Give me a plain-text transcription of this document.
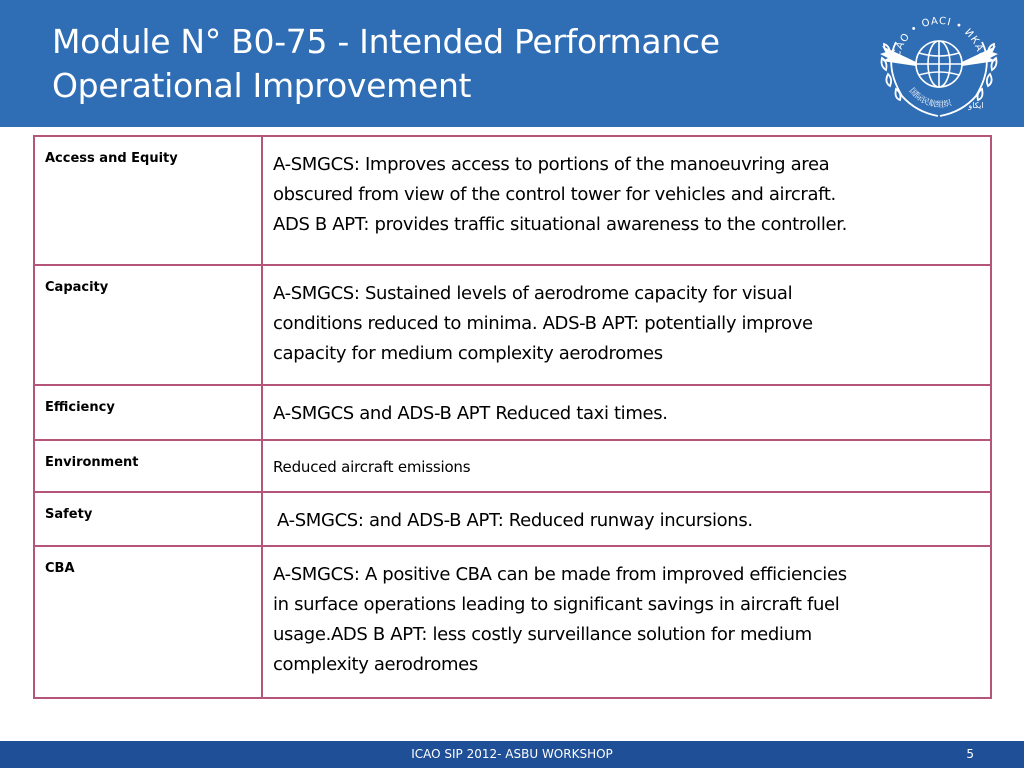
Module N° B0-75 - Intended Performance
Operational Improvement
ICAO • OACI • ИКАО
国际民航组织 ايكاو
Access and Equity	A-SMGCS: Improves access to portions of the manoeuvring area
obscured from view of the control tower for vehicles and aircraft.
ADS B APT: provides traffic situational awareness to the controller.

Capacity	A-SMGCS: Sustained levels of aerodrome capacity for visual
conditions reduced to minima. ADS-B APT: potentially improve
capacity for medium complexity aerodromes

Efficiency	A-SMGCS and ADS-B APT Reduced taxi times.

Environment	Reduced aircraft emissions

Safety	A-SMGCS: and ADS-B APT: Reduced runway incursions.

CBA	A-SMGCS: A positive CBA can be made from improved efficiencies
in surface operations leading to significant savings in aircraft fuel
usage.ADS B APT: less costly surveillance solution for medium
complexity aerodromes
ICAO SIP 2012- ASBU WORKSHOP	5
